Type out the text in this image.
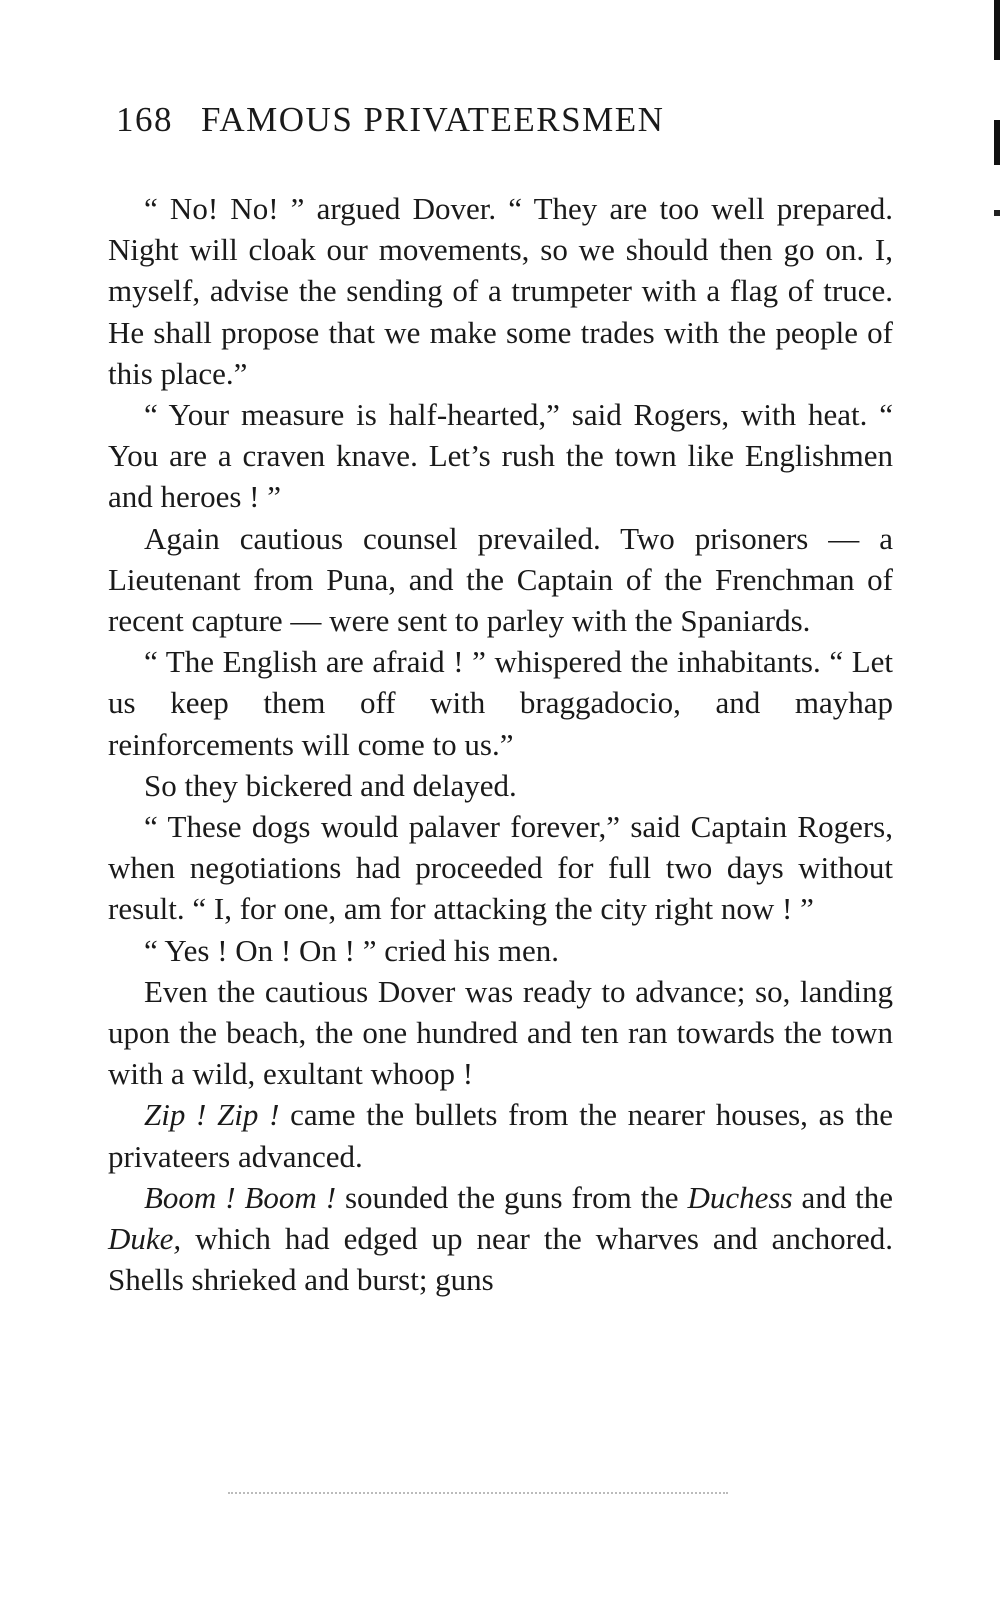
168 FAMOUS PRIVATEERSMEN

“ No! No! ” argued Dover. “ They are too well prepared. Night will cloak our movements, so we should then go on. I, myself, advise the sending of a trumpeter with a flag of truce. He shall propose that we make some trades with the people of this place.”

“ Your measure is half-hearted,” said Rogers, with heat. “ You are a craven knave. Let’s rush the town like Englishmen and heroes ! ”

Again cautious counsel prevailed. Two prisoners — a Lieutenant from Puna, and the Captain of the Frenchman of recent capture — were sent to parley with the Spaniards.

“ The English are afraid ! ” whispered the inhabitants. “ Let us keep them off with braggadocio, and mayhap reinforcements will come to us.”

So they bickered and delayed.

“ These dogs would palaver forever,” said Captain Rogers, when negotiations had proceeded for full two days without result. “ I, for one, am for attacking the city right now ! ”

“ Yes ! On ! On ! ” cried his men.

Even the cautious Dover was ready to advance; so, landing upon the beach, the one hundred and ten ran towards the town with a wild, exultant whoop !

Zip ! Zip ! came the bullets from the nearer houses, as the privateers advanced.

Boom ! Boom ! sounded the guns from the Duchess and the Duke, which had edged up near the wharves and anchored. Shells shrieked and burst; guns
